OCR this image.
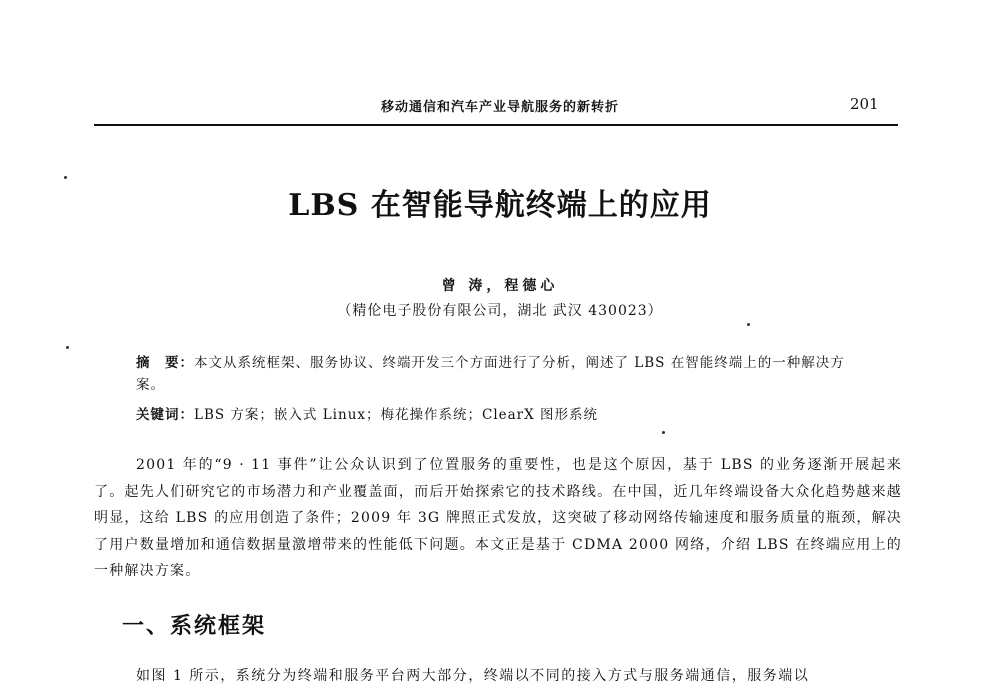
移动通信和汽车产业导航服务的新转折	201
LBS 在智能导航终端上的应用
曾 涛，程德心
（精伦电子股份有限公司，湖北 武汉 430023）
摘　要：本文从系统框架、服务协议、终端开发三个方面进行了分析，阐述了 LBS 在智能终端上的一种解决方案。
关键词：LBS 方案；嵌入式 Linux；梅花操作系统；ClearX 图形系统
2001 年的“9 · 11 事件”让公众认识到了位置服务的重要性，也是这个原因，基于 LBS 的业务逐渐开展起来了。起先人们研究它的市场潜力和产业覆盖面，而后开始探索它的技术路线。在中国，近几年终端设备大众化趋势越来越明显，这给 LBS 的应用创造了条件；2009 年 3G 牌照正式发放，这突破了移动网络传输速度和服务质量的瓶颈，解决了用户数量增加和通信数据量激增带来的性能低下问题。本文正是基于 CDMA 2000 网络，介绍 LBS 在终端应用上的一种解决方案。
一、系统框架
如图 1 所示，系统分为终端和服务平台两大部分，终端以不同的接入方式与服务端通信，服务端以
